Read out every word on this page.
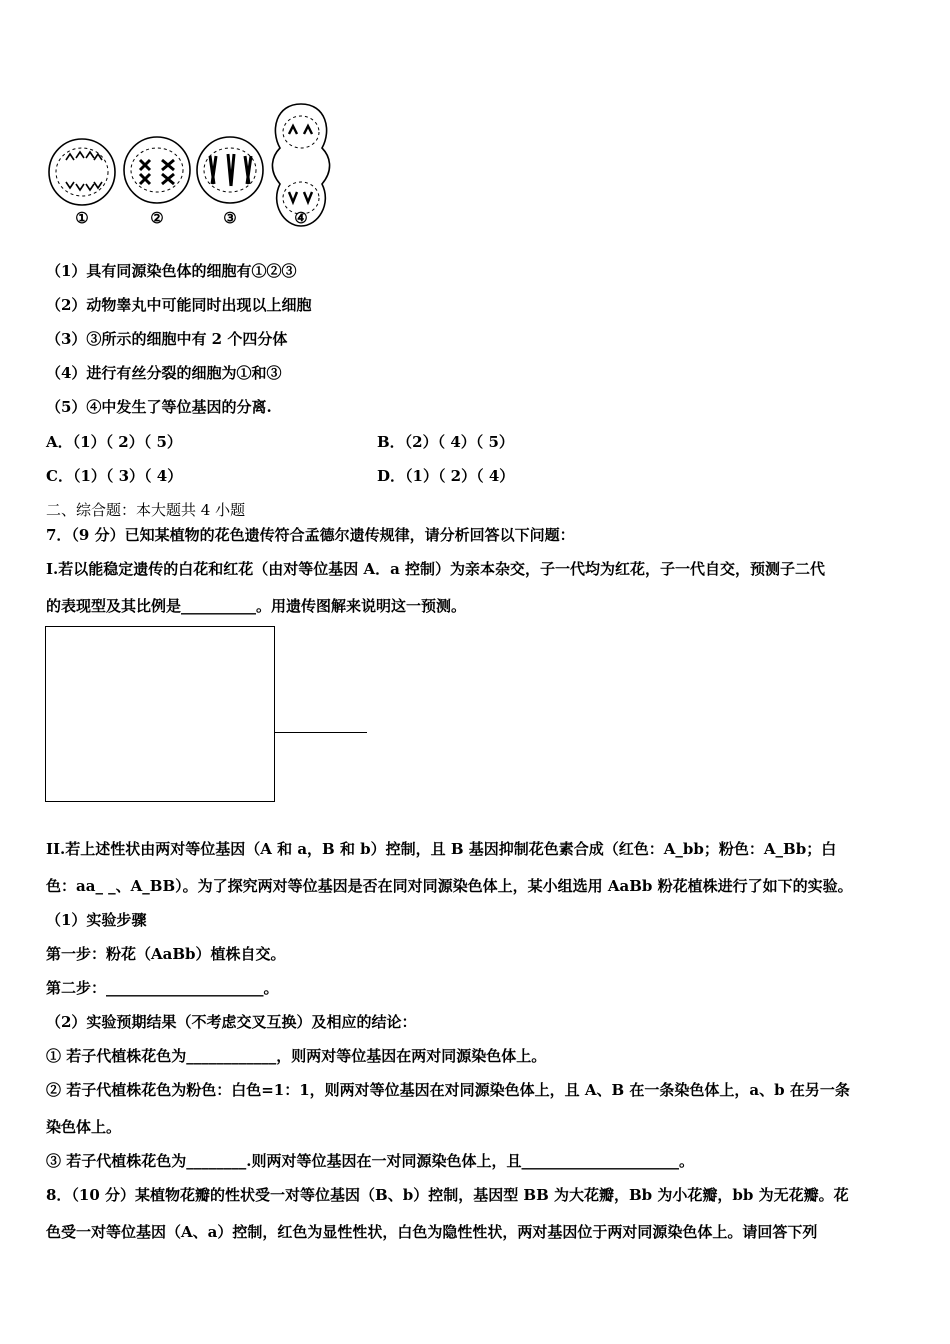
①	②	③	④
（1）具有同源染色体的细胞有①②③
（2）动物睾丸中可能同时出现以上细胞
（3）③所示的细胞中有 2 个四分体
（4）进行有丝分裂的细胞为①和③
（5）④中发生了等位基因的分离.
A．（1）（ 2）（ 5）	B．（2）（ 4）（ 5）
C．（1）（ 3）（ 4）	D．（1）（ 2）（ 4）
二、综合题：本大题共 4 小题
7．（9 分）已知某植物的花色遗传符合孟德尔遗传规律，请分析回答以下问题：
I.若以能稳定遗传的白花和红花（由对等位基因 A．a 控制）为亲本杂交，子一代均为红花，子一代自交，预测子二代
的表现型及其比例是__________。用遗传图解来说明这一预测。
II.若上述性状由两对等位基因（A 和 a，B 和 b）控制，且 B 基因抑制花色素合成（红色：A_bb；粉色：A_Bb；白
色：aa_ _、A_BB）。为了探究两对等位基因是否在同对同源染色体上，某小组选用 AaBb 粉花植株进行了如下的实验。
（1）实验步骤
第一步：粉花（AaBb）植株自交。
第二步：_____________________。
（2）实验预期结果（不考虑交叉互换）及相应的结论：
① 若子代植株花色为____________，则两对等位基因在两对同源染色体上。
② 若子代植株花色为粉色：白色=1：1，则两对等位基因在对同源染色体上，且 A、B 在一条染色体上，a、b 在另一条
染色体上。
③ 若子代植株花色为________.则两对等位基因在一对同源染色体上，且_____________________。
8．（10 分）某植物花瓣的性状受一对等位基因（B、b）控制，基因型 BB 为大花瓣，Bb 为小花瓣，bb 为无花瓣。花
色受一对等位基因（A、a）控制，红色为显性性状，白色为隐性性状，两对基因位于两对同源染色体上。请回答下列
